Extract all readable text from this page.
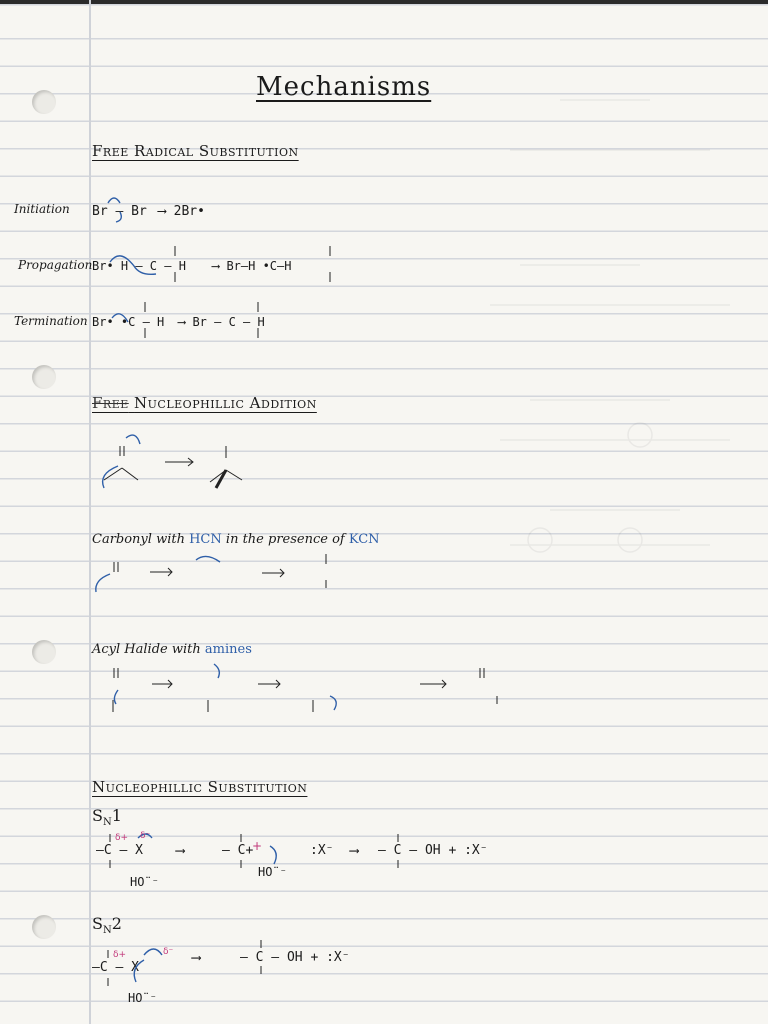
Mechanisms
Free Radical Substitution
Initiation Br – Br ⟶ 2Br•
Propagation Br• H – C – H ⟶ Br–H •C–H
Termination Br• •C – H ⟶ Br – C – H
Free Nucleophillic Addition
Carbonyl with HCN in the presence of KCN
Acyl Halide with amines
Nucleophillic Substitution
$S_N1$
–C – X
HO¨⁻
⟶	– C+
HO¨⁻
:X⁻ ⟶ – C – OH + :X⁻
$S_N2$
–C – X
HO¨⁻
⟶	– C – OH + :X⁻
δ+ δ⁻
δ+	δ⁻
+
